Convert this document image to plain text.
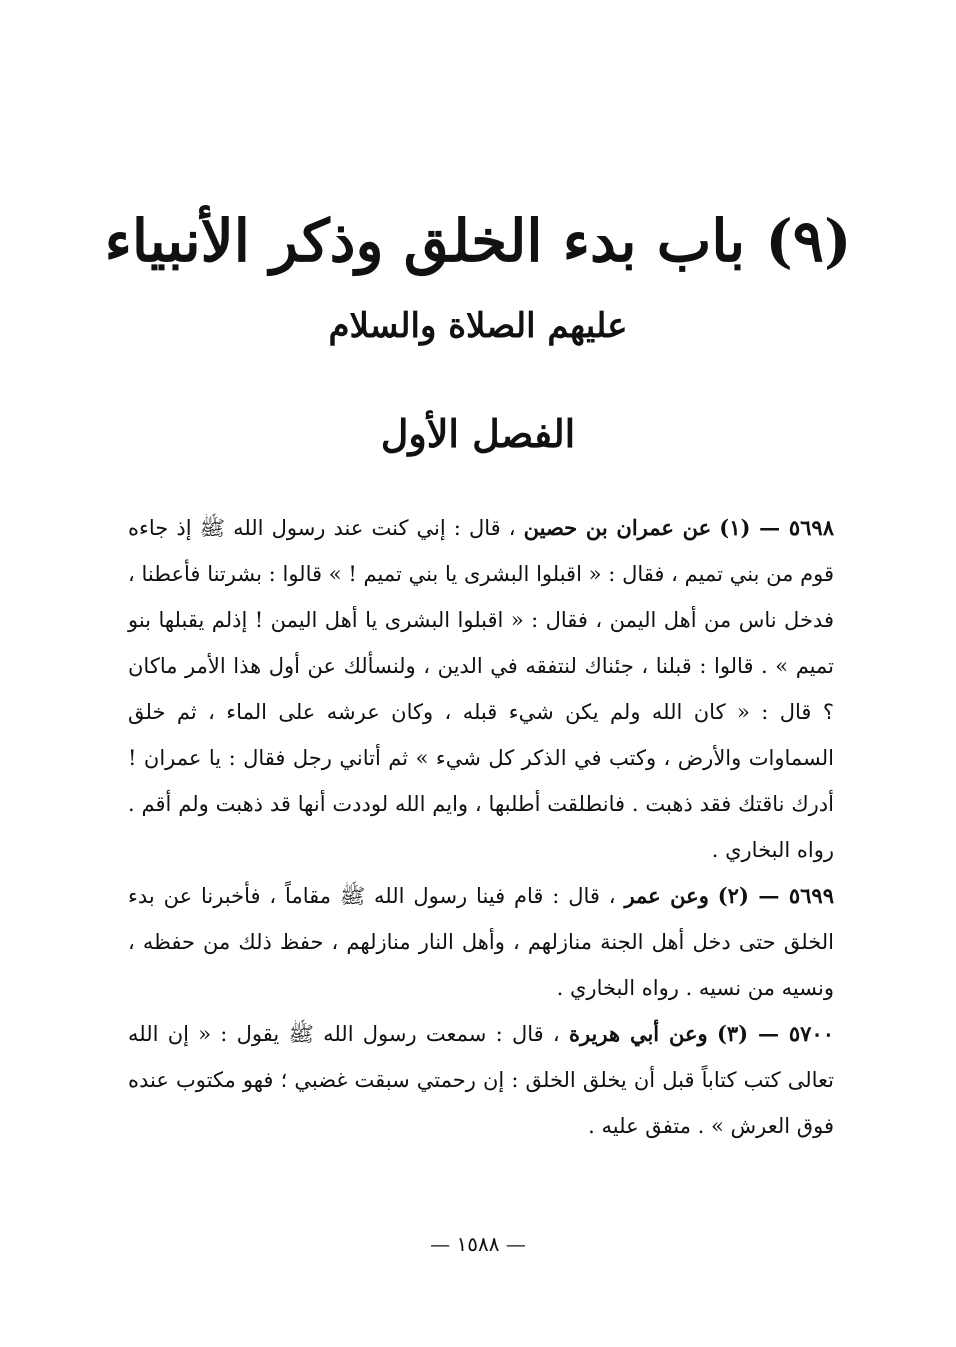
(٩) باب بدء الخلق وذكر الأنبياء
عليهم الصلاة والسلام
الفصل الأول

٥٦٩٨ — (١) عن عمران بن حصين ، قال : إني كنت عند رسول الله ﷺ إذ جاءه قوم من بني تميم ، فقال : « اقبلوا البشرى يا بني تميم ! » قالوا : بشرتنا فأعطنا ، فدخل ناس من أهل اليمن ، فقال : « اقبلوا البشرى يا أهل اليمن ! إذلم يقبلها بنو تميم » . قالوا : قبلنا ، جئناك لنتفقه في الدين ، ولنسألك عن أول هذا الأمر ماكان ؟ قال : « كان الله ولم يكن شيء قبله ، وكان عرشه على الماء ، ثم خلق السماوات والأرض ، وكتب في الذكر كل شيء » ثم أتاني رجل فقال : يا عمران ! أدرك ناقتك فقد ذهبت . فانطلقت أطلبها ، وايم الله لوددت أنها قد ذهبت ولم أقم . رواه البخاري .

٥٦٩٩ — (٢) وعن عمر ، قال : قام فينا رسول الله ﷺ مقاماً ، فأخبرنا عن بدء الخلق حتى دخل أهل الجنة منازلهم ، وأهل النار منازلهم ، حفظ ذلك من حفظه ، ونسيه من نسيه . رواه البخاري .

٥٧٠٠ — (٣) وعن أبي هريرة ، قال : سمعت رسول الله ﷺ يقول : « إن الله تعالى كتب كتاباً قبل أن يخلق الخلق : إن رحمتي سبقت غضبي ؛ فهو مكتوب عنده فوق العرش » . متفق عليه .

— ١٥٨٨ —
